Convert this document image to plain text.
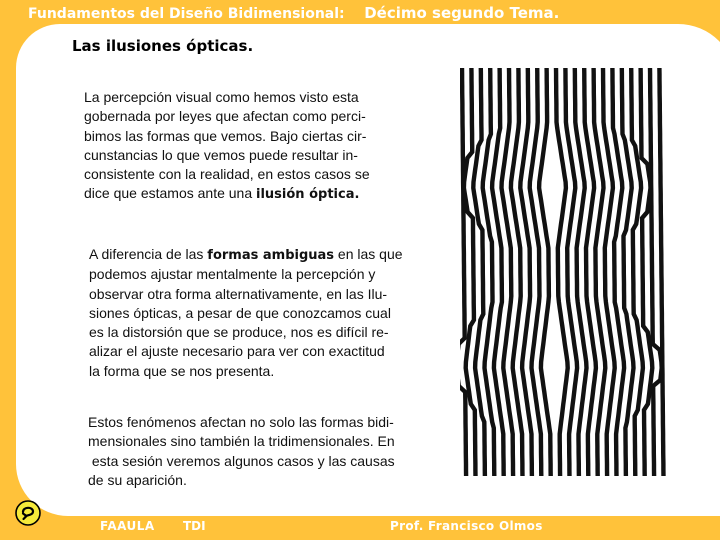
Fundamentos del Diseño Bidimensional: Décimo segundo Tema.
Las ilusiones ópticas.
La percepción visual como hemos visto esta
gobernada por leyes que afectan como perci-
bimos las formas que vemos. Bajo ciertas cir-
cunstancias lo que vemos puede resultar in-
consistente con la realidad, en estos casos se
dice que estamos ante una ilusión óptica.
A diferencia de las formas ambiguas en las que
podemos ajustar mentalmente la percepción y
observar otra forma alternativamente, en las Ilu-
siones ópticas, a pesar de que conozcamos cual
es la distorsión que se produce, nos es difícil re-
alizar el ajuste necesario para ver con exactitud
la forma que se nos presenta.
Estos fenómenos afectan no solo las formas bidi-
mensionales sino también la tridimensionales. En
esta sesión veremos algunos casos y las causas
de su aparición.
FAAULA TDI	Prof. Francisco Olmos
